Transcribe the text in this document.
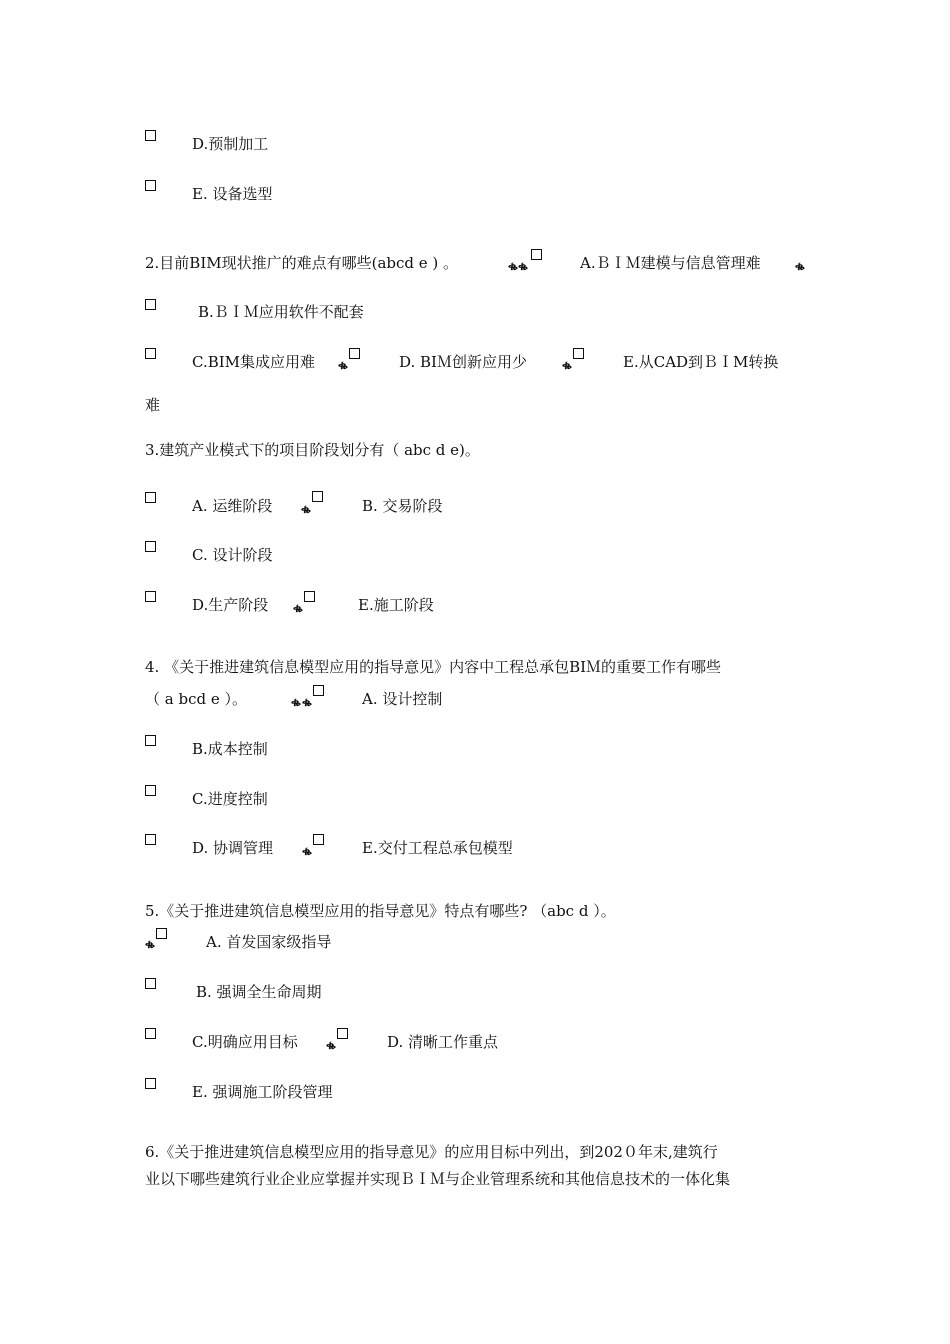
D.预制加工
E. 设备选型
2.目前BIM现状推广的难点有哪些(abcd e ) 。	ቈ ቈ	A.ＢＩＭ建模与信息管理难	ቈ
B.ＢＩＭ应用软件不配套
C.BIM集成应用难 ቈ	D. BIＭ创新应用少	ቈ	E.从CAD到ＢＩM转换
难
3.建筑产业模式下的项目阶段划分有（ abc d e)。
A. 运维阶段 ቈ	B. 交易阶段
C. 设计阶段
D.生产阶段 ቈ	E.施工阶段
4. 《关于推进建筑信息模型应用的指导意见》内容中工程总承包BIＭ的重要工作有哪些
（ a bcd e ）。	ቈ ቈ	A. 设计控制
B.成本控制
C.进度控制
D. 协调管理 ቈ	E.交付工程总承包模型
5.《关于推进建筑信息模型应用的指导意见》特点有哪些? （abc d ）。
ቈ	A. 首发国家级指导
B. 强调全生命周期
C.明确应用目标 ቈ	D. 清晰工作重点
E. 强调施工阶段管理
6.《关于推进建筑信息模型应用的指导意见》的应用目标中列出，到202０年末,建筑行
业以下哪些建筑行业企业应掌握并实现ＢＩＭ与企业管理系统和其他信息技术的一体化集
